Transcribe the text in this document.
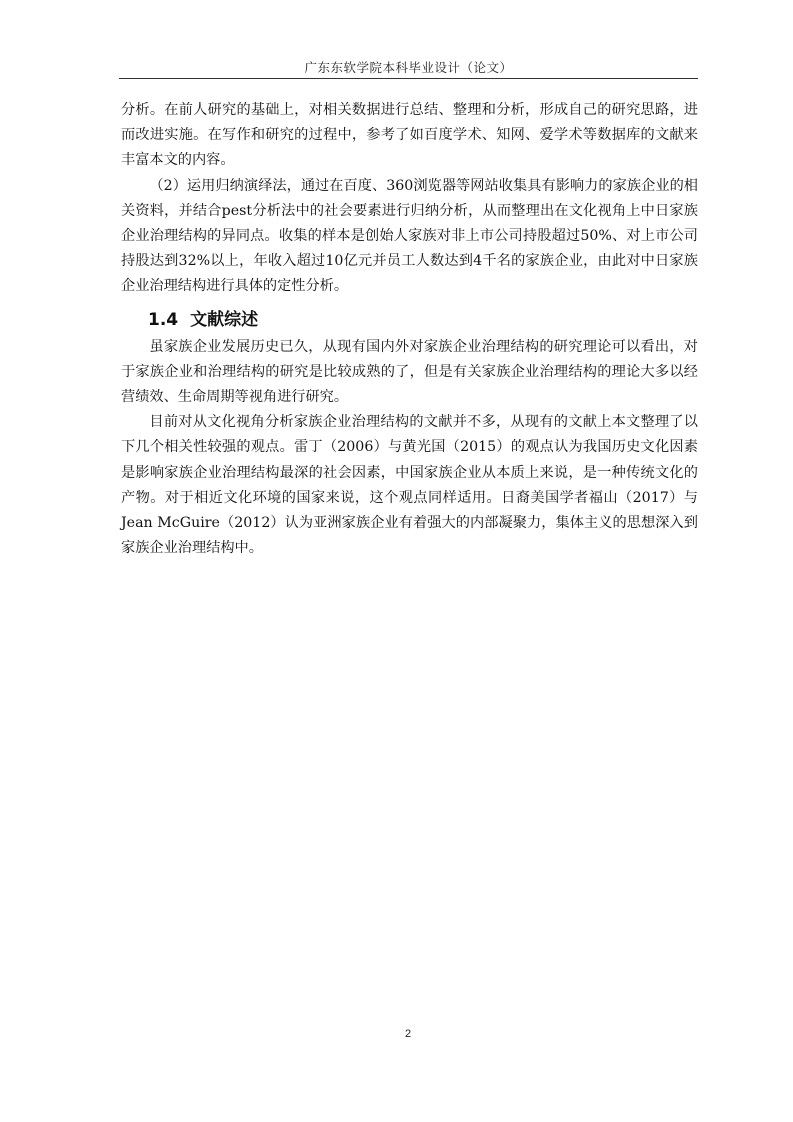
广东东软学院本科毕业设计（论文）

分析。在前人研究的基础上，对相关数据进行总结、整理和分析，形成自己的研究思路，进而改进实施。在写作和研究的过程中，参考了如百度学术、知网、爱学术等数据库的文献来丰富本文的内容。

（2）运用归纳演绎法，通过在百度、360浏览器等网站收集具有影响力的家族企业的相关资料，并结合pest分析法中的社会要素进行归纳分析，从而整理出在文化视角上中日家族企业治理结构的异同点。收集的样本是创始人家族对非上市公司持股超过50%、对上市公司持股达到32%以上，年收入超过10亿元并员工人数达到4千名的家族企业，由此对中日家族企业治理结构进行具体的定性分析。

1.4 文献综述

虽家族企业发展历史已久，从现有国内外对家族企业治理结构的研究理论可以看出，对于家族企业和治理结构的研究是比较成熟的了，但是有关家族企业治理结构的理论大多以经营绩效、生命周期等视角进行研究。

目前对从文化视角分析家族企业治理结构的文献并不多，从现有的文献上本文整理了以下几个相关性较强的观点。雷丁（2006）与黄光国（2015）的观点认为我国历史文化因素是影响家族企业治理结构最深的社会因素，中国家族企业从本质上来说，是一种传统文化的产物。对于相近文化环境的国家来说，这个观点同样适用。日裔美国学者福山（2017）与Jean McGuire（2012）认为亚洲家族企业有着强大的内部凝聚力，集体主义的思想深入到家族企业治理结构中。

2
